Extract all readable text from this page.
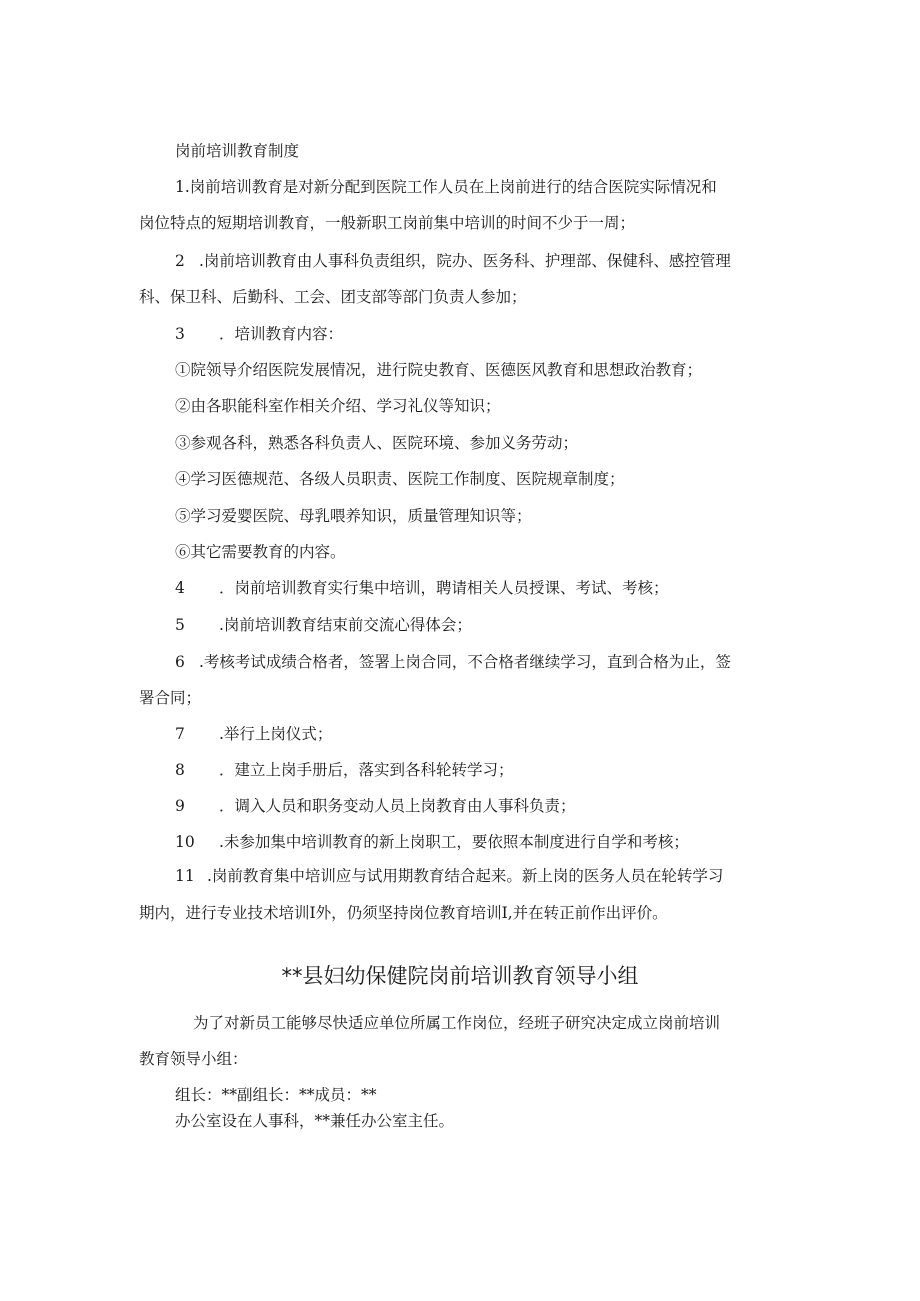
岗前培训教育制度
1.岗前培训教育是对新分配到医院工作人员在上岗前进行的结合医院实际情况和
岗位特点的短期培训教育，一般新职工岗前集中培训的时间不少于一周；
2 .岗前培训教育由人事科负责组织，院办、医务科、护理部、保健科、感控管理
科、保卫科、后勤科、工会、团支部等部门负责人参加；
3 ．培训教育内容：
①院领导介绍医院发展情况，进行院史教育、医德医风教育和思想政治教育；
②由各职能科室作相关介绍、学习礼仪等知识；
③参观各科，熟悉各科负责人、医院环境、参加义务劳动；
④学习医德规范、各级人员职责、医院工作制度、医院规章制度；
⑤学习爱婴医院、母乳喂养知识，质量管理知识等；
⑥其它需要教育的内容。
4 ．岗前培训教育实行集中培训，聘请相关人员授课、考试、考核；
5 .岗前培训教育结束前交流心得体会；
6 .考核考试成绩合格者，签署上岗合同，不合格者继续学习，直到合格为止，签
署合同；
7 .举行上岗仪式；
8 ．建立上岗手册后，落实到各科轮转学习；
9 ．调入人员和职务变动人员上岗教育由人事科负责；
10 .未参加集中培训教育的新上岗职工，要依照本制度进行自学和考核；
11 .岗前教育集中培训应与试用期教育结合起来。新上岗的医务人员在轮转学习
期内，进行专业技术培训I外，仍须坚持岗位教育培训I,并在转正前作出评价。
**县妇幼保健院岗前培训教育领导小组
为了对新员工能够尽快适应单位所属工作岗位，经班子研究决定成立岗前培训
教育领导小组：
组长：**副组长：**成员：**
办公室设在人事科，**兼任办公室主任。
